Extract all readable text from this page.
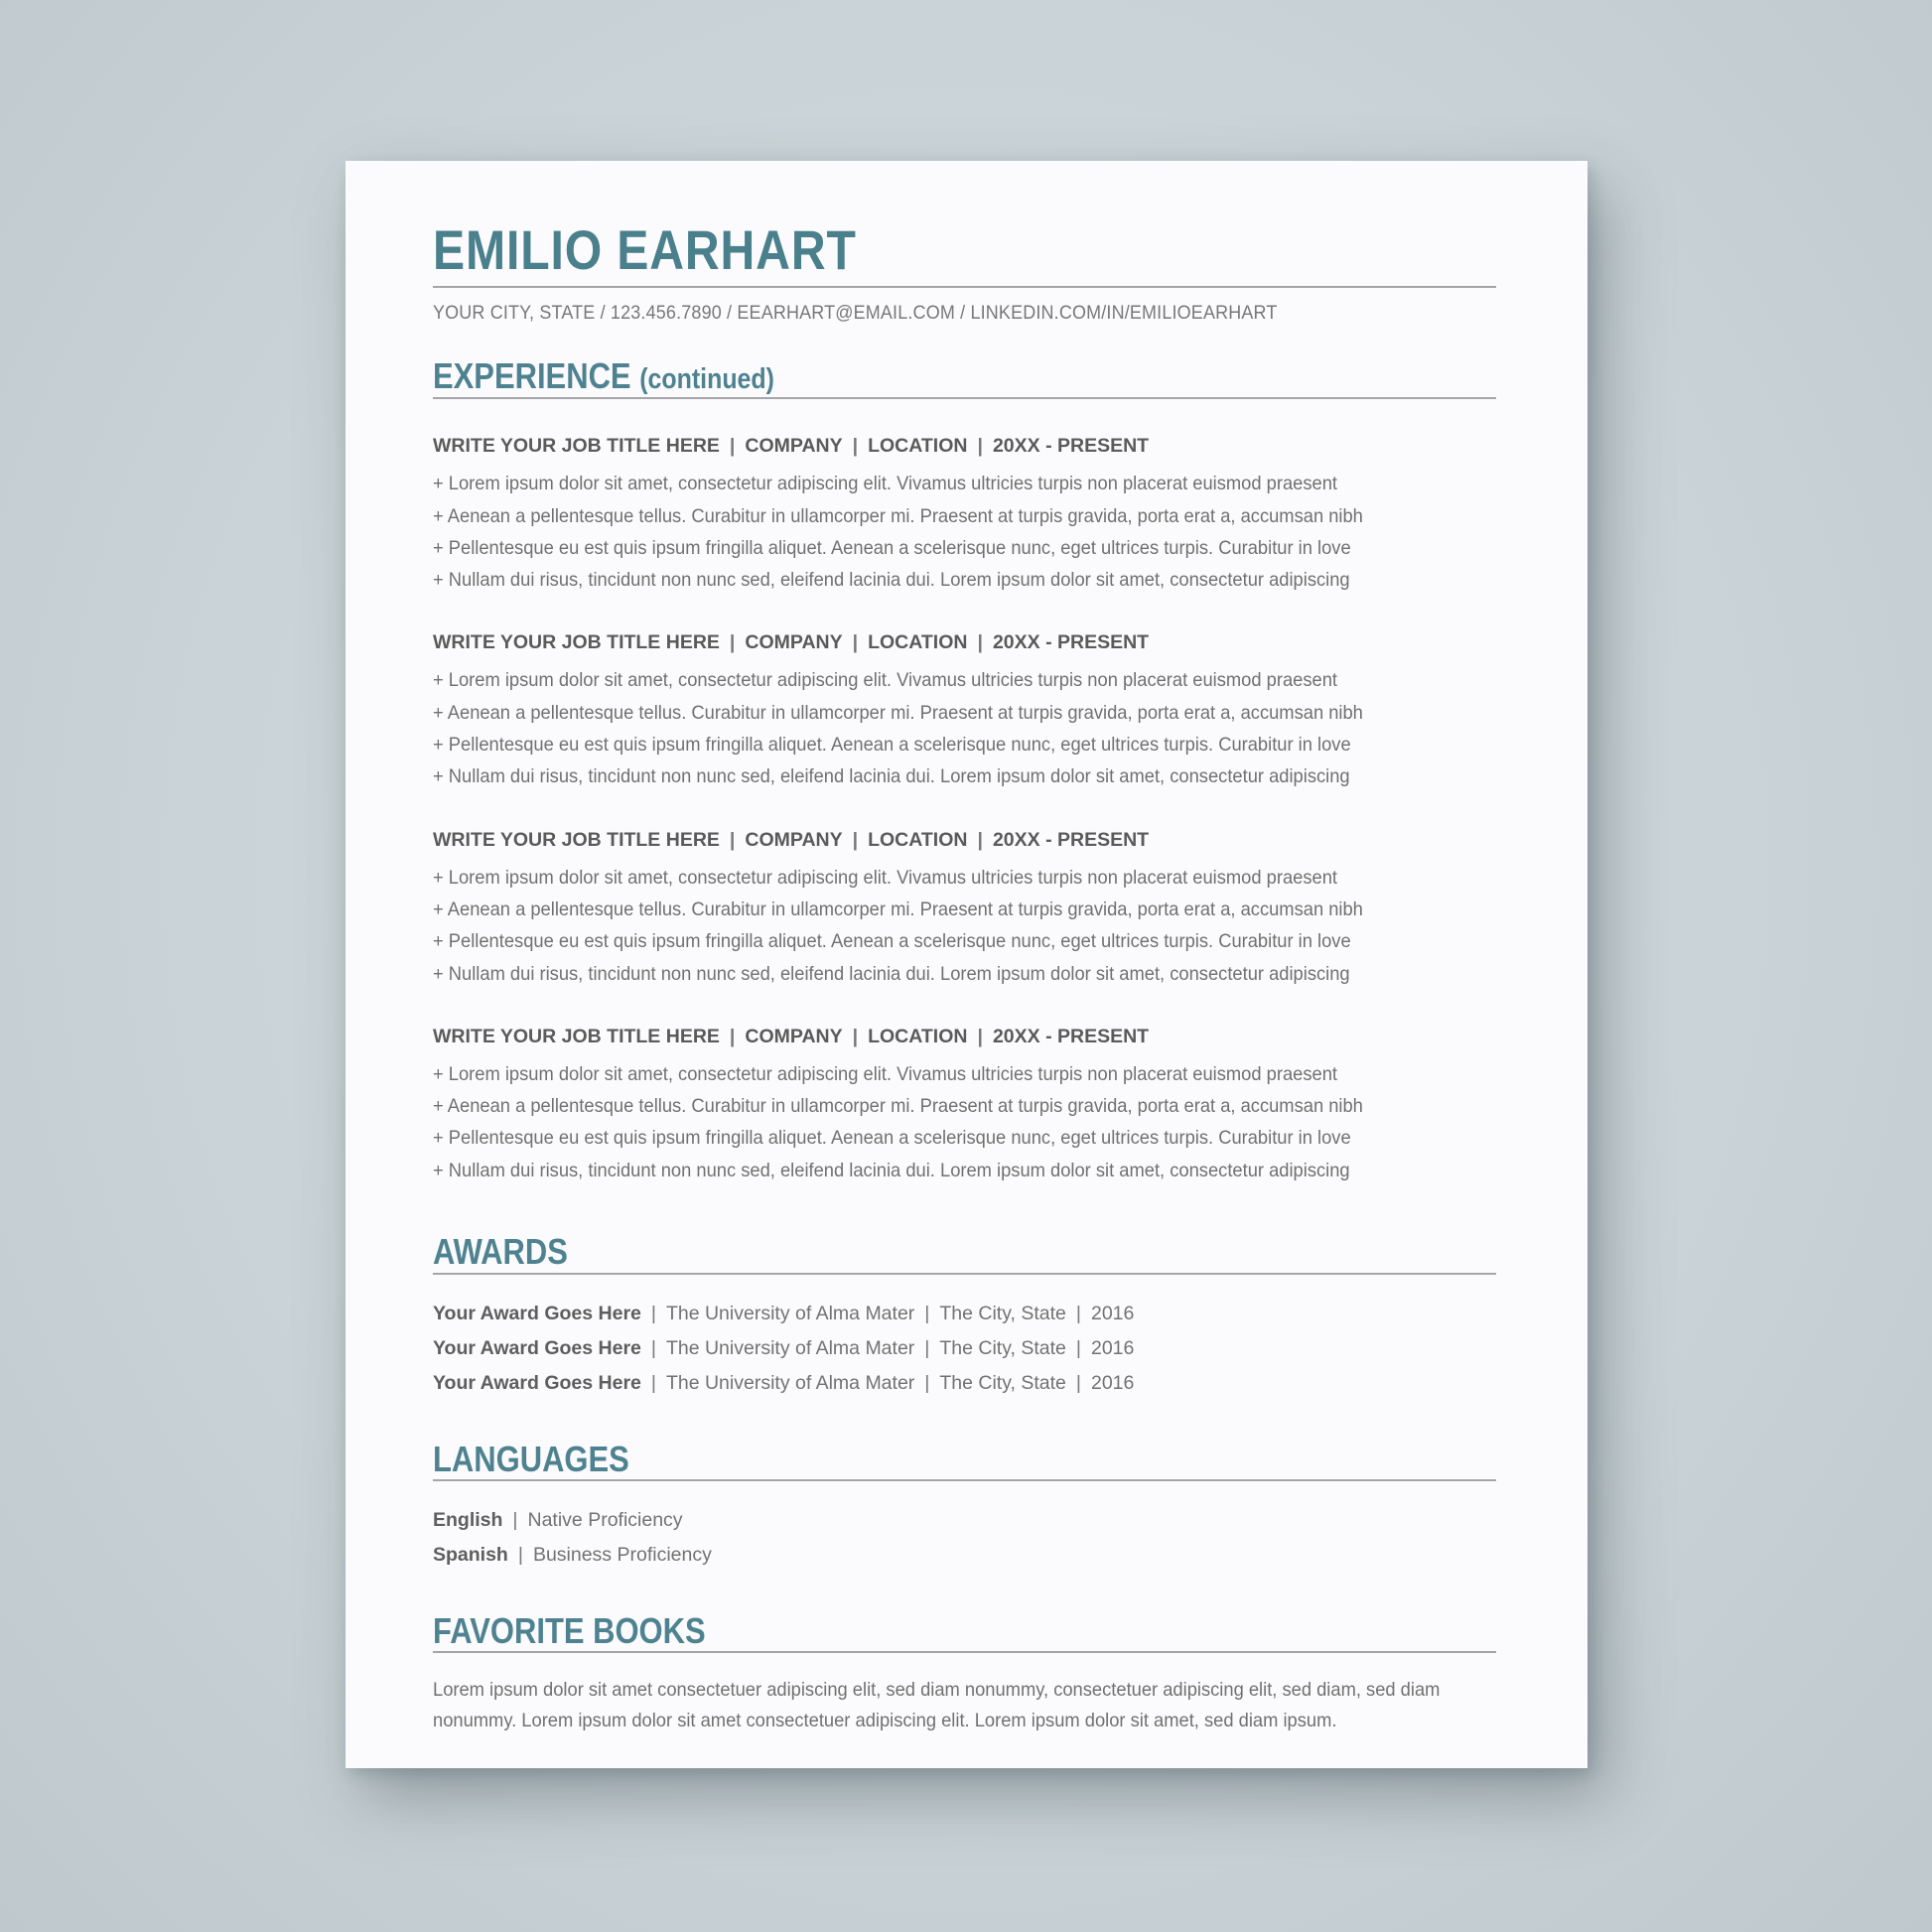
EMILIO EARHART
YOUR CITY, STATE / 123.456.7890 / EEARHART@EMAIL.COM / LINKEDIN.COM/IN/EMILIOEARHART
EXPERIENCE (continued)
WRITE YOUR JOB TITLE HERE | COMPANY | LOCATION | 20XX - PRESENT
+ Lorem ipsum dolor sit amet, consectetur adipiscing elit. Vivamus ultricies turpis non placerat euismod praesent
+ Aenean a pellentesque tellus. Curabitur in ullamcorper mi. Praesent at turpis gravida, porta erat a, accumsan nibh
+ Pellentesque eu est quis ipsum fringilla aliquet. Aenean a scelerisque nunc, eget ultrices turpis. Curabitur in love
+ Nullam dui risus, tincidunt non nunc sed, eleifend lacinia dui. Lorem ipsum dolor sit amet, consectetur adipiscing
WRITE YOUR JOB TITLE HERE | COMPANY | LOCATION | 20XX - PRESENT
+ Lorem ipsum dolor sit amet, consectetur adipiscing elit. Vivamus ultricies turpis non placerat euismod praesent
+ Aenean a pellentesque tellus. Curabitur in ullamcorper mi. Praesent at turpis gravida, porta erat a, accumsan nibh
+ Pellentesque eu est quis ipsum fringilla aliquet. Aenean a scelerisque nunc, eget ultrices turpis. Curabitur in love
+ Nullam dui risus, tincidunt non nunc sed, eleifend lacinia dui. Lorem ipsum dolor sit amet, consectetur adipiscing
WRITE YOUR JOB TITLE HERE | COMPANY | LOCATION | 20XX - PRESENT
+ Lorem ipsum dolor sit amet, consectetur adipiscing elit. Vivamus ultricies turpis non placerat euismod praesent
+ Aenean a pellentesque tellus. Curabitur in ullamcorper mi. Praesent at turpis gravida, porta erat a, accumsan nibh
+ Pellentesque eu est quis ipsum fringilla aliquet. Aenean a scelerisque nunc, eget ultrices turpis. Curabitur in love
+ Nullam dui risus, tincidunt non nunc sed, eleifend lacinia dui. Lorem ipsum dolor sit amet, consectetur adipiscing
WRITE YOUR JOB TITLE HERE | COMPANY | LOCATION | 20XX - PRESENT
+ Lorem ipsum dolor sit amet, consectetur adipiscing elit. Vivamus ultricies turpis non placerat euismod praesent
+ Aenean a pellentesque tellus. Curabitur in ullamcorper mi. Praesent at turpis gravida, porta erat a, accumsan nibh
+ Pellentesque eu est quis ipsum fringilla aliquet. Aenean a scelerisque nunc, eget ultrices turpis. Curabitur in love
+ Nullam dui risus, tincidunt non nunc sed, eleifend lacinia dui. Lorem ipsum dolor sit amet, consectetur adipiscing
AWARDS
Your Award Goes Here | The University of Alma Mater | The City, State | 2016
Your Award Goes Here | The University of Alma Mater | The City, State | 2016
Your Award Goes Here | The University of Alma Mater | The City, State | 2016
LANGUAGES
English | Native Proficiency
Spanish | Business Proficiency
FAVORITE BOOKS
Lorem ipsum dolor sit amet consectetuer adipiscing elit, sed diam nonummy, consectetuer adipiscing elit, sed diam, sed diam nonummy. Lorem ipsum dolor sit amet consectetuer adipiscing elit. Lorem ipsum dolor sit amet, sed diam ipsum.
